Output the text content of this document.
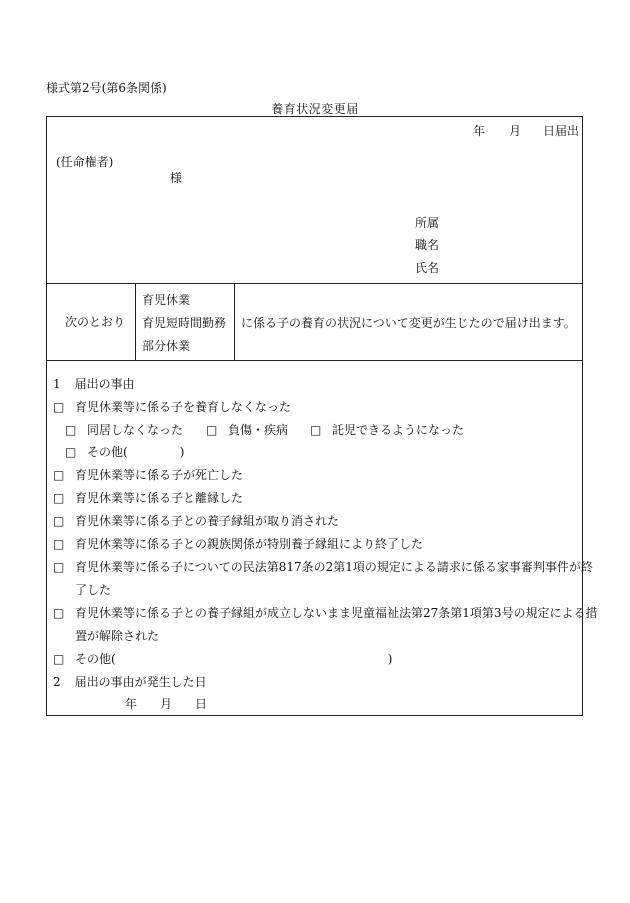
様式第2号(第6条関係)
養育状況変更届
年 月 日届出
(任命権者)
様
所属
職名
氏名
次のとおり
育児休業
育児短時間勤務
部分休業
に係る子の養育の状況について変更が生じたので届け出ます。
1 届出の事由
□ 育児休業等に係る子を養育しなくなった
□ 同居しなくなった □ 負傷・疾病 □ 託児できるようになった
□ その他(	)
□ 育児休業等に係る子が死亡した
□ 育児休業等に係る子と離縁した
□ 育児休業等に係る子との養子縁組が取り消された
□ 育児休業等に係る子との親族関係が特別養子縁組により終了した
□ 育児休業等に係る子についての民法第817条の2第1項の規定による請求に係る家事審判事件が終
了した
□ 育児休業等に係る子との養子縁組が成立しないまま児童福祉法第27条第1項第3号の規定による措
置が解除された
□ その他(	)
2 届出の事由が発生した日
年 月 日
